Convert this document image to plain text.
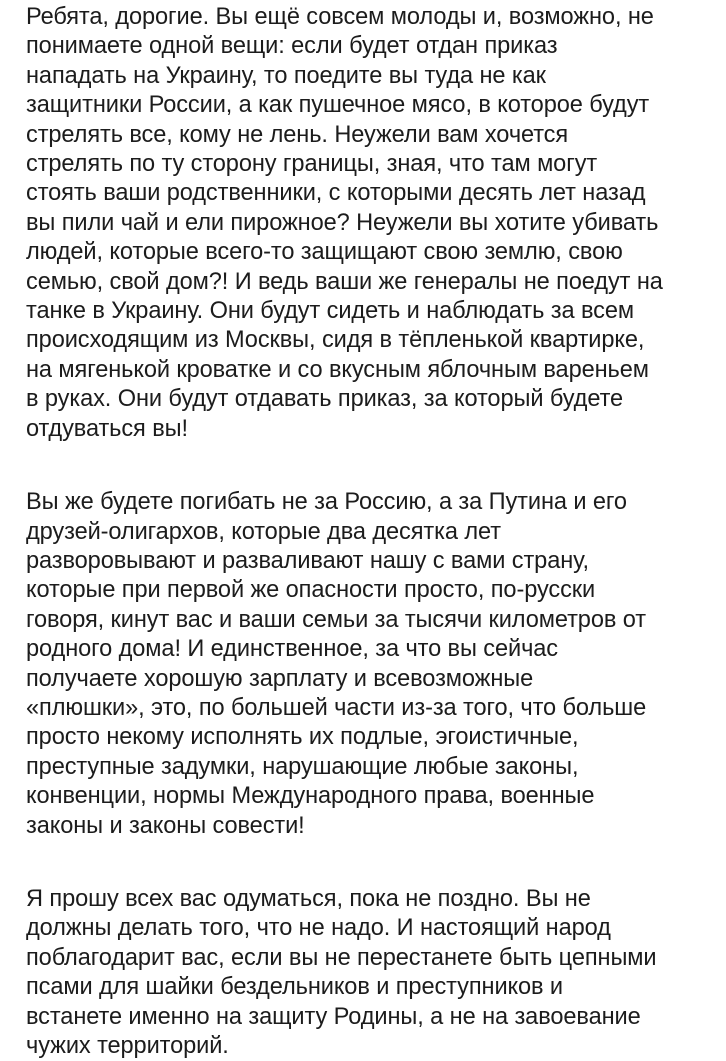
Ребята, дорогие. Вы ещё совсем молоды и, возможно, не
понимаете одной вещи: если будет отдан приказ
нападать на Украину, то поедите вы туда не как
защитники России, а как пушечное мясо, в которое будут
стрелять все, кому не лень. Неужели вам хочется
стрелять по ту сторону границы, зная, что там могут
стоять ваши родственники, с которыми десять лет назад
вы пили чай и ели пирожное? Неужели вы хотите убивать
людей, которые всего-то защищают свою землю, свою
семью, свой дом?! И ведь ваши же генералы не поедут на
танке в Украину. Они будут сидеть и наблюдать за всем
происходящим из Москвы, сидя в тёпленькой квартирке,
на мягенькой кроватке и со вкусным яблочным вареньем
в руках. Они будут отдавать приказ, за который будете
отдуваться вы!

Вы же будете погибать не за Россию, а за Путина и его
друзей-олигархов, которые два десятка лет
разворовывают и разваливают нашу с вами страну,
которые при первой же опасности просто, по-русски
говоря, кинут вас и ваши семьи за тысячи километров от
родного дома! И единственное, за что вы сейчас
получаете хорошую зарплату и всевозможные
«плюшки», это, по большей части из-за того, что больше
просто некому исполнять их подлые, эгоистичные,
преступные задумки, нарушающие любые законы,
конвенции, нормы Международного права, военные
законы и законы совести!

Я прошу всех вас одуматься, пока не поздно. Вы не
должны делать того, что не надо. И настоящий народ
поблагодарит вас, если вы не перестанете быть цепными
псами для шайки бездельников и преступников и
встанете именно на защиту Родины, а не на завоевание
чужих территорий.
